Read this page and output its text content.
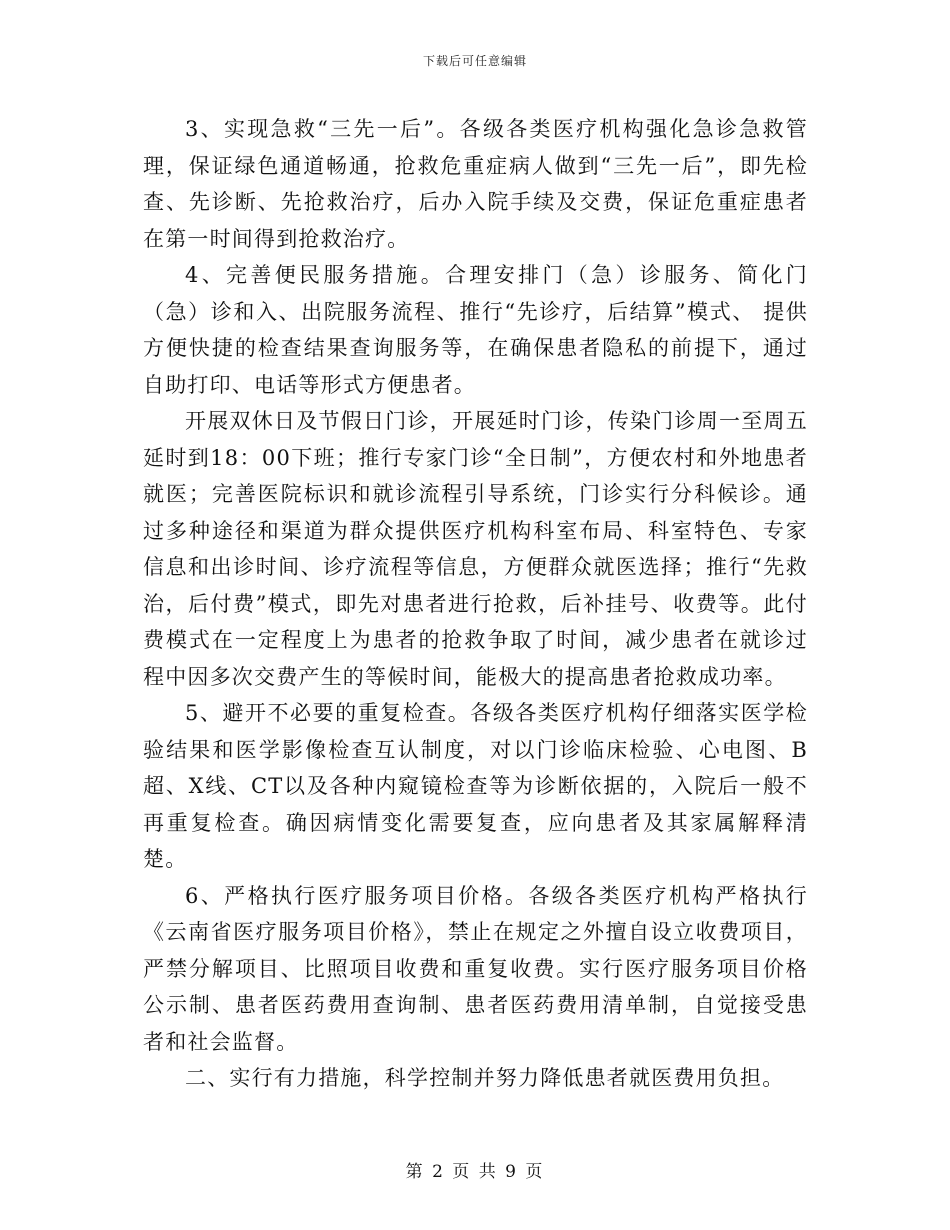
下载后可任意编辑

3、实现急救“三先一后”。各级各类医疗机构强化急诊急救管理，保证绿色通道畅通，抢救危重症病人做到“三先一后”，即先检查、先诊断、先抢救治疗，后办入院手续及交费，保证危重症患者在第一时间得到抢救治疗。

4、完善便民服务措施。合理安排门（急）诊服务、简化门（急）诊和入、出院服务流程、推行“先诊疗，后结算”模式、 提供方便快捷的检查结果查询服务等，在确保患者隐私的前提下，通过自助打印、电话等形式方便患者。

开展双休日及节假日门诊，开展延时门诊，传染门诊周一至周五延时到18：00下班；推行专家门诊“全日制”，方便农村和外地患者就医；完善医院标识和就诊流程引导系统，门诊实行分科候诊。通过多种途径和渠道为群众提供医疗机构科室布局、科室特色、专家信息和出诊时间、诊疗流程等信息，方便群众就医选择；推行“先救治，后付费”模式，即先对患者进行抢救，后补挂号、收费等。此付费模式在一定程度上为患者的抢救争取了时间，减少患者在就诊过程中因多次交费产生的等候时间，能极大的提高患者抢救成功率。

5、避开不必要的重复检查。各级各类医疗机构仔细落实医学检验结果和医学影像检查互认制度，对以门诊临床检验、心电图、B超、X线、CT以及各种内窥镜检查等为诊断依据的，入院后一般不再重复检查。确因病情变化需要复查，应向患者及其家属解释清楚。

6、严格执行医疗服务项目价格。各级各类医疗机构严格执行《云南省医疗服务项目价格》，禁止在规定之外擅自设立收费项目，严禁分解项目、比照项目收费和重复收费。实行医疗服务项目价格公示制、患者医药费用查询制、患者医药费用清单制，自觉接受患者和社会监督。

二、实行有力措施，科学控制并努力降低患者就医费用负担。

第 2 页 共 9 页
